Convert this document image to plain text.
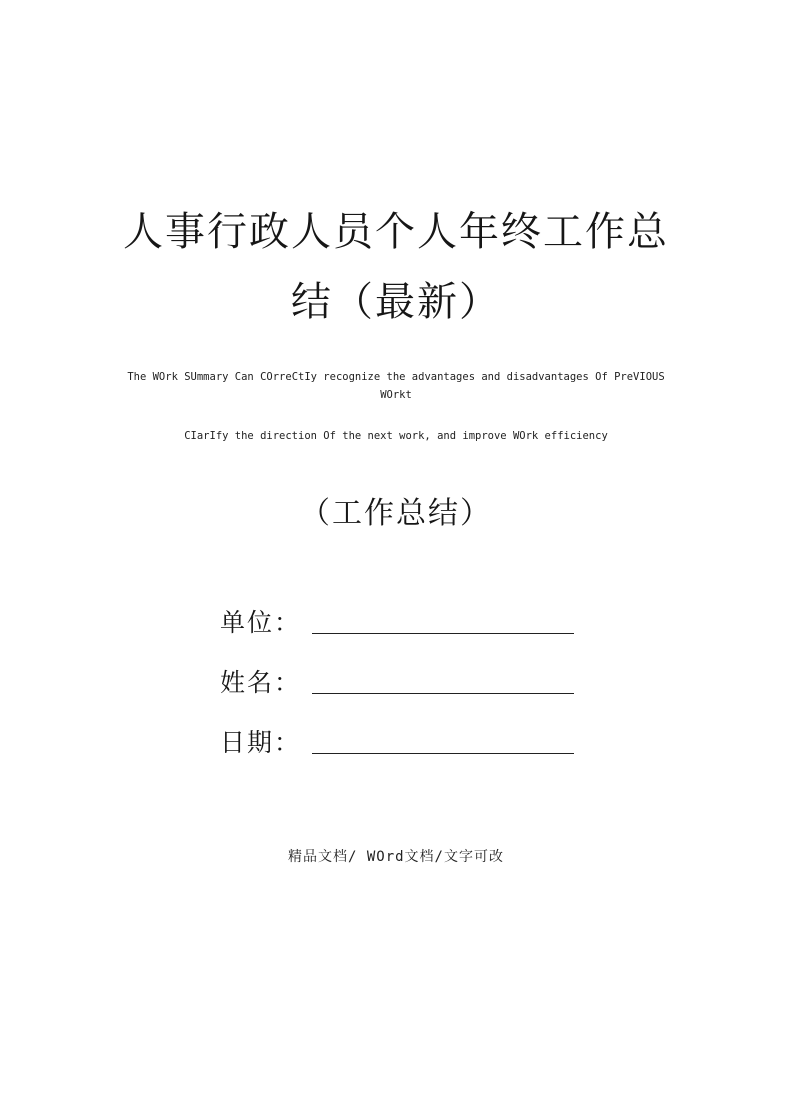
人事行政人员个人年终工作总
结（最新）
The WOrk SUmmary Can COrreCtIy recognize the advantages and disadvantages Of PreVIOUS
WOrkt
CIarIfy the direction Of the next work, and improve WOrk efficiency
（工作总结）
单位：
姓名：
日期：
精品文档/ WOrd文档/文字可改
